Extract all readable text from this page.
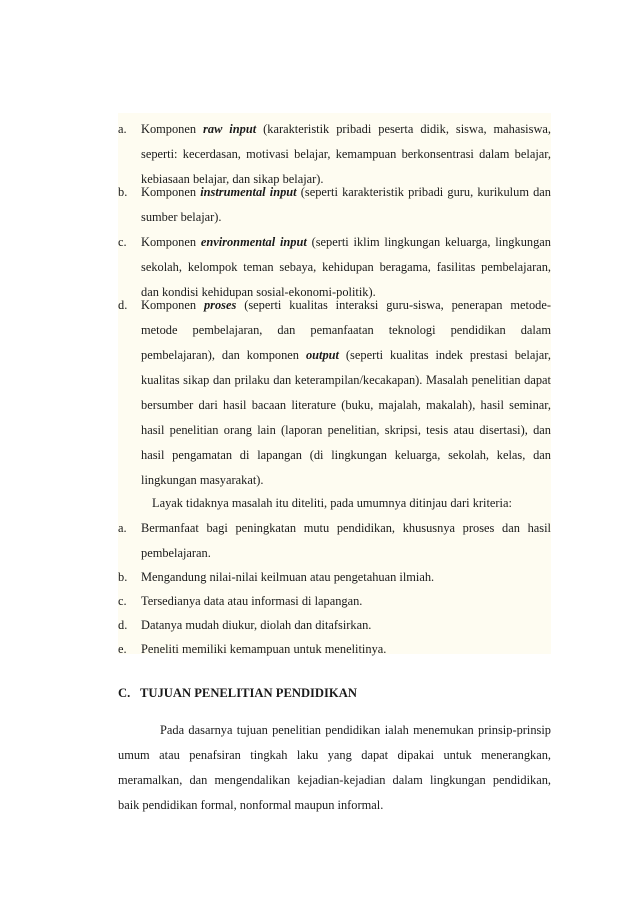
a. Komponen raw input (karakteristik pribadi peserta didik, siswa, mahasiswa, seperti: kecerdasan, motivasi belajar, kemampuan berkonsentrasi dalam belajar, kebiasaan belajar, dan sikap belajar).
b. Komponen instrumental input (seperti karakteristik pribadi guru, kurikulum dan sumber belajar).
c. Komponen environmental input (seperti iklim lingkungan keluarga, lingkungan sekolah, kelompok teman sebaya, kehidupan beragama, fasilitas pembelajaran, dan kondisi kehidupan sosial-ekonomi-politik).
d. Komponen proses (seperti kualitas interaksi guru-siswa, penerapan metode-metode pembelajaran, dan pemanfaatan teknologi pendidikan dalam pembelajaran), dan komponen output (seperti kualitas indek prestasi belajar, kualitas sikap dan prilaku dan keterampilan/kecakapan). Masalah penelitian dapat bersumber dari hasil bacaan literature (buku, majalah, makalah), hasil seminar, hasil penelitian orang lain (laporan penelitian, skripsi, tesis atau disertasi), dan hasil pengamatan di lapangan (di lingkungan keluarga, sekolah, kelas, dan lingkungan masyarakat).
Layak tidaknya masalah itu diteliti, pada umumnya ditinjau dari kriteria:
a. Bermanfaat bagi peningkatan mutu pendidikan, khususnya proses dan hasil pembelajaran.
b. Mengandung nilai-nilai keilmuan atau pengetahuan ilmiah.
c. Tersedianya data atau informasi di lapangan.
d. Datanya mudah diukur, diolah dan ditafsirkan.
e. Peneliti memiliki kemampuan untuk menelitinya.
C. TUJUAN PENELITIAN PENDIDIKAN
Pada dasarnya tujuan penelitian pendidikan ialah menemukan prinsip-prinsip umum atau penafsiran tingkah laku yang dapat dipakai untuk menerangkan, meramalkan, dan mengendalikan kejadian-kejadian dalam lingkungan pendidikan, baik pendidikan formal, nonformal maupun informal.
